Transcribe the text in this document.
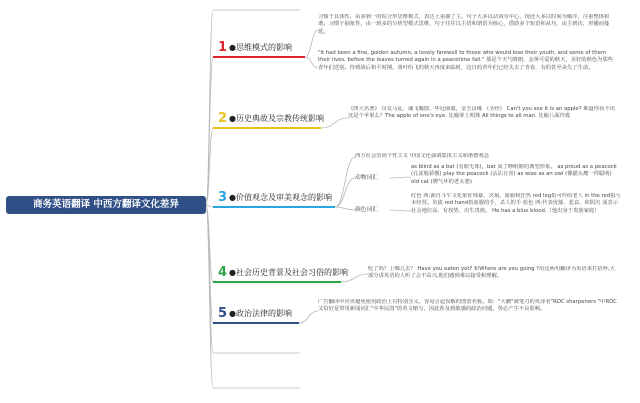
商务英语翻译 中西方翻译文化差异
1 ●思维模式的影响
习惯于具体性，由多到一的综合形思维模式，表达上重描了主。句子大多以动词为中心，现还大多以时间为顺序，注重整体和谐。习惯于抽象性，由一到多的分析型模式思维，句子往往以主语和谓语为核心，借助多个短语和从句，由主到次，形播而蔓延。
"It had been a fine, golden autumn, a lovely farewell to those who would lose their youth, and some of them their lives, before the leaves turned again in a peacetime fall." 那是个天气晴朗，金黄可爱的秋天，美好的秋色为那些青年们送别。待到战后和平时期，黄叶纷飞的秋天再度来临时，这日的青年们已经失去了青春，有的甚至丧失了生命。
2 ●历史典故及宗教传统影响
《四大名著》 员荒马乱、魂飞魄散、华冠丽服，金玉良缘 《圣经》 Can't you see it is an apple? 难道你看不出这是个苹果么？The apple of one's eye. 比喻掌上明珠 All things to all man. 比喻八面玲珑
3 ●价值观念及审美观念的影响
西方社会崇尚个性主义 中国文化强调集体主义和谐德观念
动物词汇
as blind as a bat (有眼无珠)，bat 成了睁眼瞎的典型形象。 as proud as a peacock (孔雀般骄傲) play the peacock (沾沾自喜) as wise as an owl (像猫头鹰一样聪明) old cat (脾气坏的老太婆)
颜色词汇
红色 西:源自斗牛文化象征残暴、灾祸、血腥和狂热 red leg指可怜的老人 in the red指亏本经营。负债 red hand指血腥的手，杀人的手 蓝色 西:代表忧郁、悲哀、和阴沉 成表示社会地位高、有权势、出生贵族。 He has a blue blood.（他出身于贵族家庭）
4 ●社会历史背景及社会习俗的影响	吃了吗？上哪儿去？ Have you eaten yet? 和Where are you going ?用这两句翻译为英语来打招呼,大部分讲英语的人听了会不高兴,他们感到难以接受和理解。
5 ●政治法律的影响
广告翻译中应该避免使用政治上有特别含义，容易引起误解的图惹名称。如："大鹏"被笔刀的英译名"ROC sharpeners "中ROC 又恰好是带用新闻词汇"中华民国"的英文缩写，因此涉及到敏感的政治问题，势必产生不良影响。
